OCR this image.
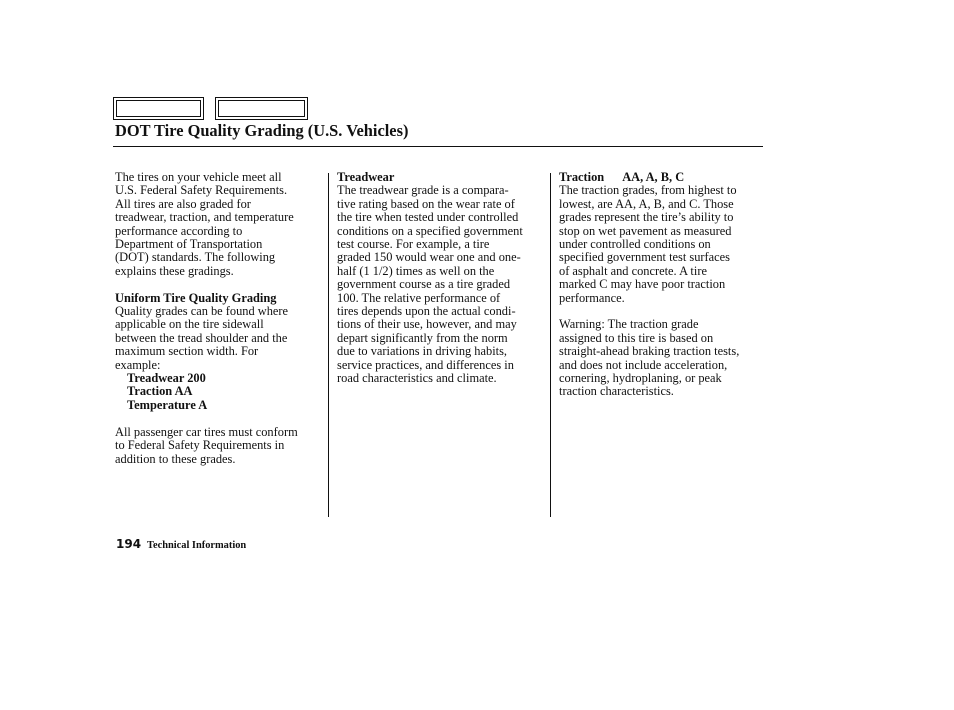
DOT Tire Quality Grading (U.S. Vehicles)
The tires on your vehicle meet all
U.S. Federal Safety Requirements.
All tires are also graded for
treadwear, traction, and temperature
performance according to
Department of Transportation
(DOT) standards. The following
explains these gradings.
Uniform Tire Quality Grading
Quality grades can be found where
applicable on the tire sidewall
between the tread shoulder and the
maximum section width. For
example:
Treadwear 200
Traction AA
Temperature A
All passenger car tires must conform
to Federal Safety Requirements in
addition to these grades.
Treadwear
The treadwear grade is a compara-
tive rating based on the wear rate of
the tire when tested under controlled
conditions on a specified government
test course. For example, a tire
graded 150 would wear one and one-
half (1 1/2) times as well on the
government course as a tire graded
100. The relative performance of
tires depends upon the actual condi-
tions of their use, however, and may
depart significantly from the norm
due to variations in driving habits,
service practices, and differences in
road characteristics and climate.
Traction AA, A, B, C
The traction grades, from highest to
lowest, are AA, A, B, and C. Those
grades represent the tire’s ability to
stop on wet pavement as measured
under controlled conditions on
specified government test surfaces
of asphalt and concrete. A tire
marked C may have poor traction
performance.
Warning: The traction grade
assigned to this tire is based on
straight-ahead braking traction tests,
and does not include acceleration,
cornering, hydroplaning, or peak
traction characteristics.
194 Technical Information
